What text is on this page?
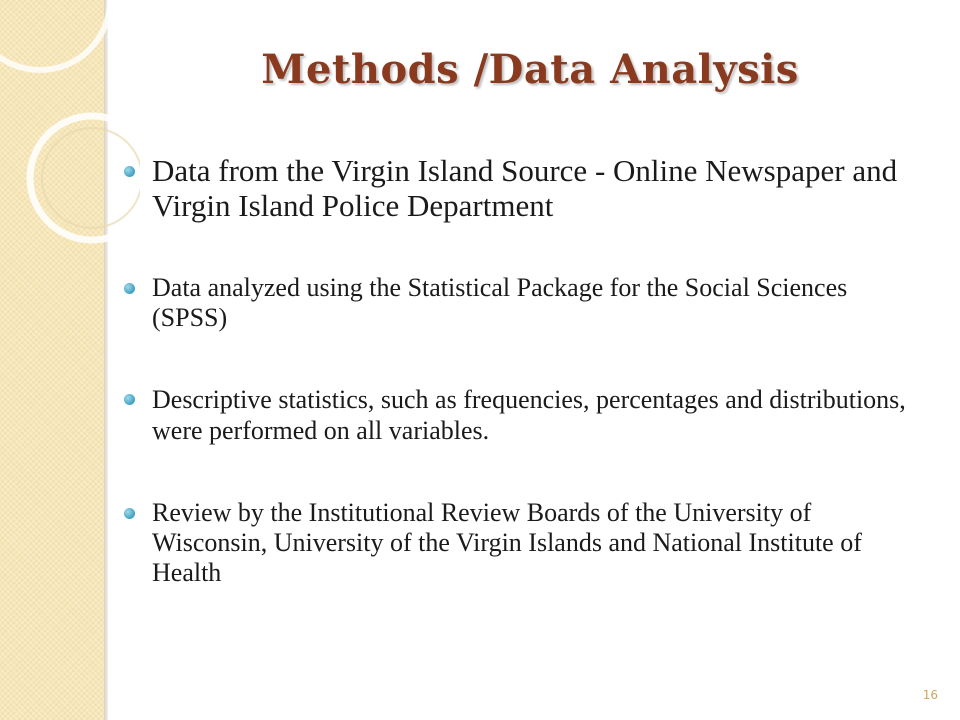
Methods /Data Analysis
Data from the Virgin Island Source - Online Newspaper and Virgin Island Police Department
Data analyzed using the Statistical Package for the Social Sciences (SPSS)
Descriptive statistics, such as frequencies, percentages and distributions, were performed on all variables.
Review by the Institutional Review Boards of the University of Wisconsin, University of the Virgin Islands and National Institute of Health
16
